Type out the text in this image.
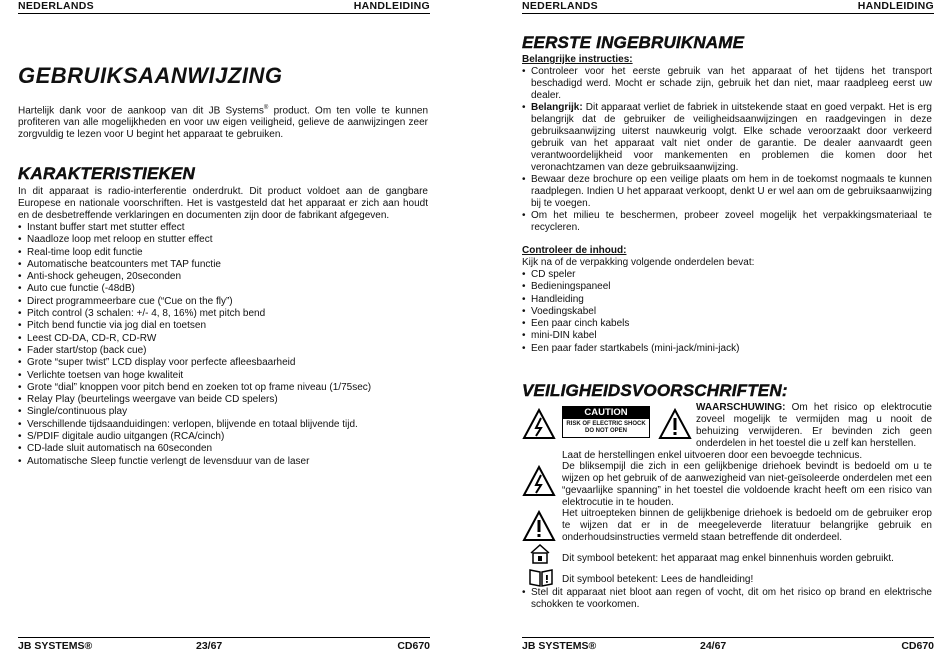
NEDERLANDS	HANDLEIDING
GEBRUIKSAANWIJZING

Hartelijk dank voor de aankoop van dit JB Systems® product. Om ten volle te kunnen profiteren van alle mogelijkheden en voor uw eigen veiligheid, gelieve de aanwijzingen zeer zorgvuldig te lezen voor U begint het apparaat te gebruiken.

KARAKTERISTIEKEN

In dit apparaat is radio-interferentie onderdrukt. Dit product voldoet aan de gangbare Europese en nationale voorschriften. Het is vastgesteld dat het apparaat er zich aan houdt en de desbetreffende verklaringen en documenten zijn door de fabrikant afgegeven.

• Instant buffer start met stutter effect
• Naadloze loop met reloop en stutter effect
• Real-time loop edit functie
• Automatische beatcounters met TAP functie
• Anti-shock geheugen, 20seconden
• Auto cue functie (-48dB)
• Direct programmeerbare cue (“Cue on the fly”)
• Pitch control (3 schalen: +/- 4, 8, 16%) met pitch bend
• Pitch bend functie via jog dial en toetsen
• Leest CD-DA, CD-R, CD-RW
• Fader start/stop (back cue)
• Grote “super twist” LCD display voor perfecte afleesbaarheid
• Verlichte toetsen van hoge kwaliteit
• Grote “dial” knoppen voor pitch bend en zoeken tot op frame niveau (1/75sec)
• Relay Play (beurtelings weergave van beide CD spelers)
• Single/continuous play
• Verschillende tijdsaanduidingen: verlopen, blijvende en totaal blijvende tijd.
• S/PDIF digitale audio uitgangen (RCA/cinch)
• CD-lade sluit automatisch na 60seconden
• Automatische Sleep functie verlengt de levensduur van de laser
JB SYSTEMS®	23/67	CD670
NEDERLANDS	HANDLEIDING
EERSTE INGEBRUIKNAME
Belangrijke instructies:
• Controleer voor het eerste gebruik van het apparaat of het tijdens het transport beschadigd werd. Mocht er schade zijn, gebruik het dan niet, maar raadpleeg eerst uw dealer.
• Belangrijk: Dit apparaat verliet de fabriek in uitstekende staat en goed verpakt. Het is erg belangrijk dat de gebruiker de veiligheidsaanwijzingen en raadgevingen in deze gebruiksaanwijzing uiterst nauwkeurig volgt. Elke schade veroorzaakt door verkeerd gebruik van het apparaat valt niet onder de garantie. De dealer aanvaardt geen verantwoordelijkheid voor mankementen en problemen die komen door het veronachtzamen van deze gebruiksaanwijzing.
• Bewaar deze brochure op een veilige plaats om hem in de toekomst nogmaals te kunnen raadplegen. Indien U het apparaat verkoopt, denkt U er wel aan om de gebruiksaanwijzing bij te voegen.
• Om het milieu te beschermen, probeer zoveel mogelijk het verpakkingsmateriaal te recycleren.
Controleer de inhoud:
Kijk na of de verpakking volgende onderdelen bevat:
• CD speler
• Bedieningspaneel
• Handleiding
• Voedingskabel
• Een paar cinch kabels
• mini-DIN kabel
• Een paar fader startkabels (mini-jack/mini-jack)
VEILIGHEIDSVOORSCHRIFTEN:
CAUTION
RISK OF ELECTRIC SHOCK
DO NOT OPEN

WAARSCHUWING: Om het risico op elektrocutie zoveel mogelijk te vermijden mag u nooit de behuizing verwijderen. Er bevinden zich geen onderdelen in het toestel die u zelf kan herstellen.

Laat de herstellingen enkel uitvoeren door een bevoegde technicus.

De bliksempijl die zich in een gelijkbenige driehoek bevindt is bedoeld om u te wijzen op het gebruik of de aanwezigheid van niet-geïsoleerde onderdelen met een “gevaarlijke spanning” in het toestel die voldoende kracht heeft om een risico van elektrocutie in te houden.

Het uitroepteken binnen de gelijkbenige driehoek is bedoeld om de gebruiker erop te wijzen dat er in de meegeleverde literatuur belangrijke gebruik en onderhoudsinstructies vermeld staan betreffende dit onderdeel.

Dit symbool betekent: het apparaat mag enkel binnenhuis worden gebruikt.

Dit symbool betekent: Lees de handleiding!

• Stel dit apparaat niet bloot aan regen of vocht, dit om het risico op brand en elektrische schokken te voorkomen.
JB SYSTEMS®	24/67	CD670
